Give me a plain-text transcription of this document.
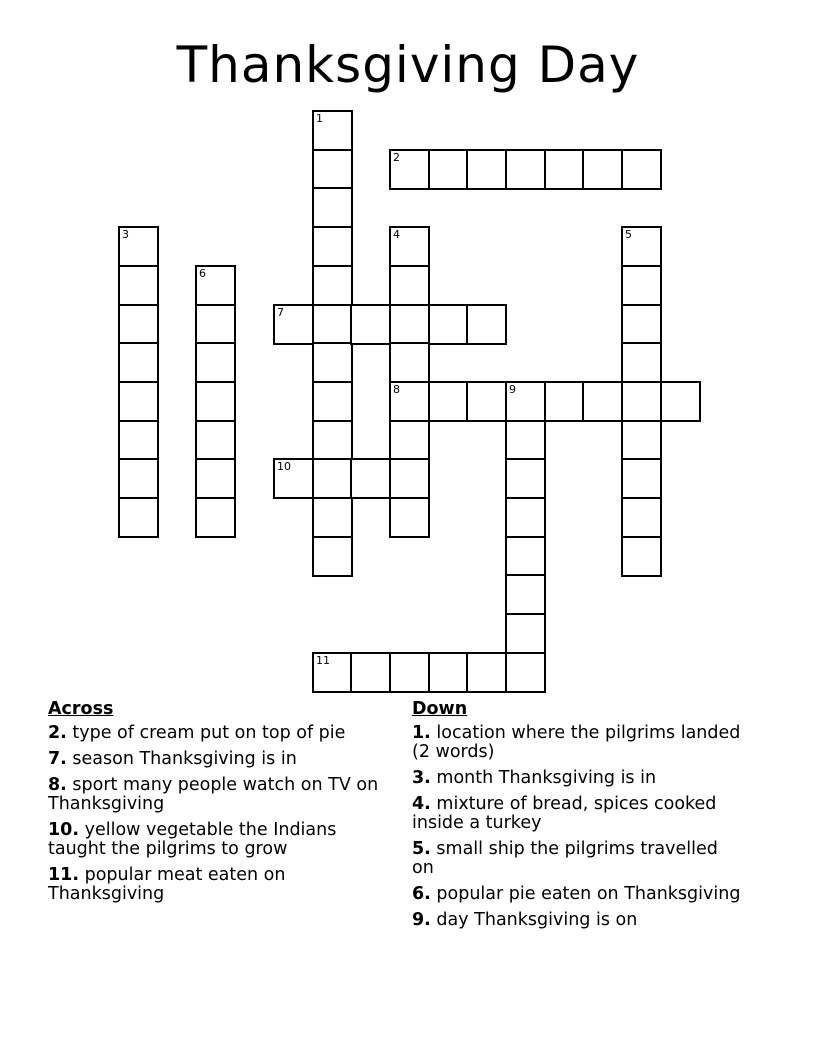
Thanksgiving Day
1
2
3	4
8
5
6
7
9
10
11
Across
2. type of cream put on top of pie
7. season Thanksgiving is in
8. sport many people watch on TV on Thanksgiving
10. yellow vegetable the Indians taught the pilgrims to grow
11. popular meat eaten on Thanksgiving
Down
1. location where the pilgrims landed (2 words)
3. month Thanksgiving is in
4. mixture of bread, spices cooked inside a turkey
5. small ship the pilgrims travelled on
6. popular pie eaten on Thanksgiving
9. day Thanksgiving is on
